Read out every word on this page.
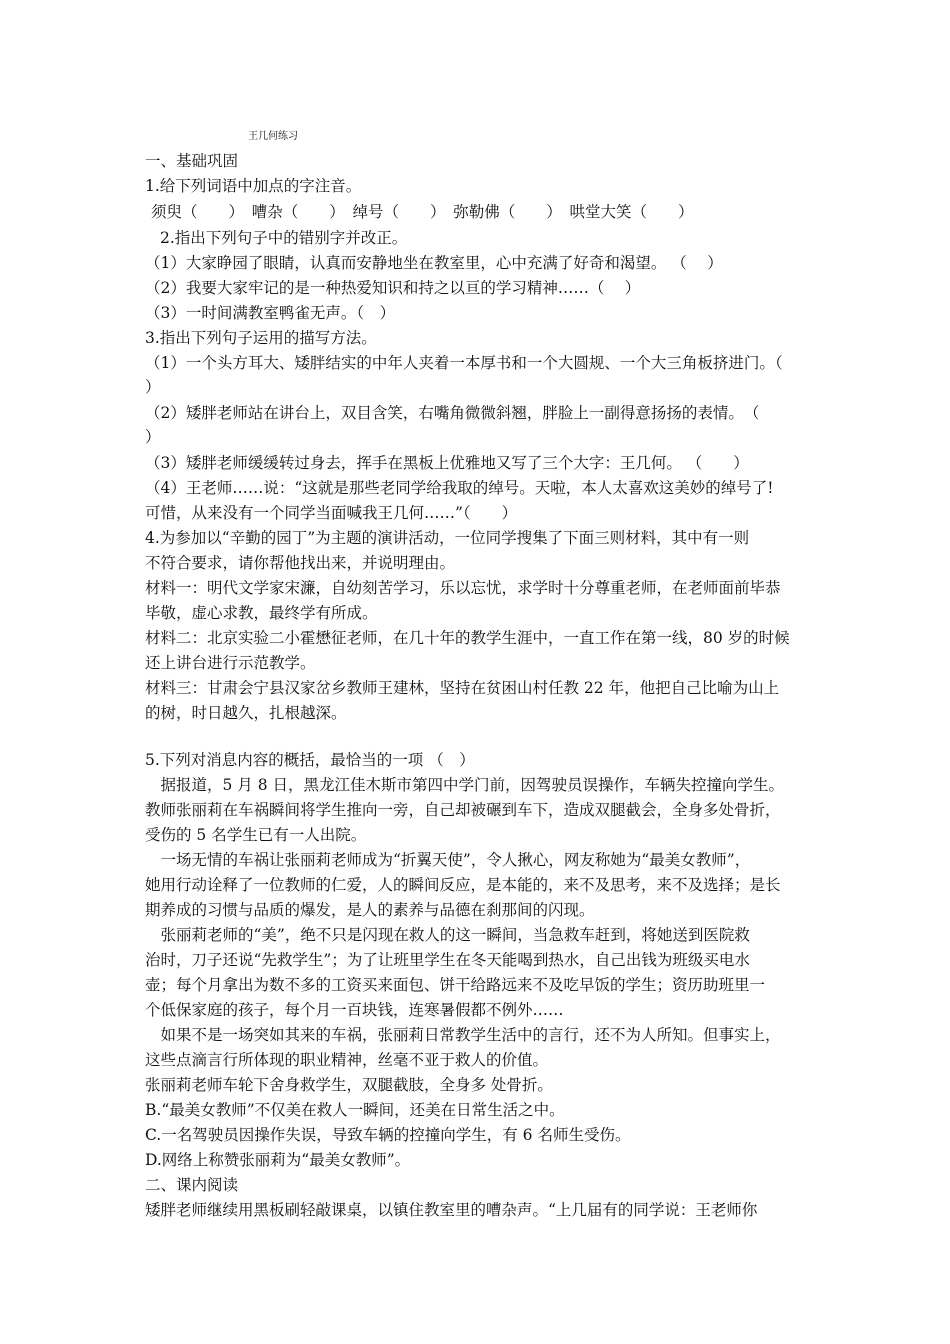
王几何练习
一、基础巩固
1.给下列词语中加点的字注音。
须臾（　　）　嘈杂（　　）　绰号（　　）　弥勒佛（　　）　哄堂大笑（　　）
2.指出下列句子中的错别字并改正。
（1）大家睁园了眼睛，认真而安静地坐在教室里，心中充满了好奇和渴望。 （　 ）
（2）我要大家牢记的是一种热爱知识和持之以亘的学习精神……（　 ）
（3）一时间满教室鸭雀无声。（　）
3.指出下列句子运用的描写方法。
（1）一个头方耳大、矮胖结实的中年人夹着一本厚书和一个大圆规、一个大三角板挤进门。（
）
（2）矮胖老师站在讲台上，双目含笑，右嘴角微微斜翘，胖脸上一副得意扬扬的表情。　（
）
（3）矮胖老师缓缓转过身去，挥手在黑板上优雅地又写了三个大字：王几何。 （　　）
（4）王老师……说：“这就是那些老同学给我取的绰号。天啦，本人太喜欢这美妙的绰号了!
可惜，从来没有一个同学当面喊我王几何……”（　　）
4.为参加以“辛勤的园丁”为主题的演讲活动，一位同学搜集了下面三则材料，其中有一则
不符合要求，请你帮他找出来，并说明理由。
材料一：明代文学家宋濂，自幼刻苦学习，乐以忘忧，求学时十分尊重老师，在老师面前毕恭
毕敬，虚心求教，最终学有所成。
材料二：北京实验二小霍懋征老师，在几十年的教学生涯中，一直工作在第一线，80 岁的时候
还上讲台进行示范教学。
材料三：甘肃会宁县汉家岔乡教师王建林，坚持在贫困山村任教 22 年，他把自己比喻为山上
的树，时日越久，扎根越深。
5.下列对消息内容的概括，最恰当的一项 （　）
　据报道，5 月 8 日，黑龙江佳木斯市第四中学门前，因驾驶员误操作，车辆失控撞向学生。
教师张丽莉在车祸瞬间将学生推向一旁，自己却被碾到车下，造成双腿截会，全身多处骨折，
受伤的 5 名学生已有一人出院。
　一场无情的车祸让张丽莉老师成为“折翼天使”，令人揪心，网友称她为“最美女教师”，
她用行动诠释了一位教师的仁爱，人的瞬间反应，是本能的，来不及思考，来不及选择；是长
期养成的习惯与品质的爆发，是人的素养与品德在刹那间的闪现。
　张丽莉老师的“美”，绝不只是闪现在救人的这一瞬间，当急救车赶到，将她送到医院救
治时，刀子还说“先救学生”；为了让班里学生在冬天能喝到热水，自己出钱为班级买电水
壶；每个月拿出为数不多的工资买来面包、饼干给路远来不及吃早饭的学生；资历助班里一
个低保家庭的孩子，每个月一百块钱，连寒暑假都不例外……
　如果不是一场突如其来的车祸，张丽莉日常教学生活中的言行，还不为人所知。但事实上，
这些点滴言行所体现的职业精神，丝毫不亚于救人的价值。
张丽莉老师车轮下舍身救学生，双腿截肢，全身多 处骨折。
B.“最美女教师”不仅美在救人一瞬间，还美在日常生活之中。
C.一名驾驶员因操作失误，导致车辆的控撞向学生，有 6 名师生受伤。
D.网络上称赞张丽莉为“最美女教师”。
二、课内阅读
矮胖老师继续用黑板刷轻敲课桌，以镇住教室里的嘈杂声。“上几届有的同学说：王老师你
